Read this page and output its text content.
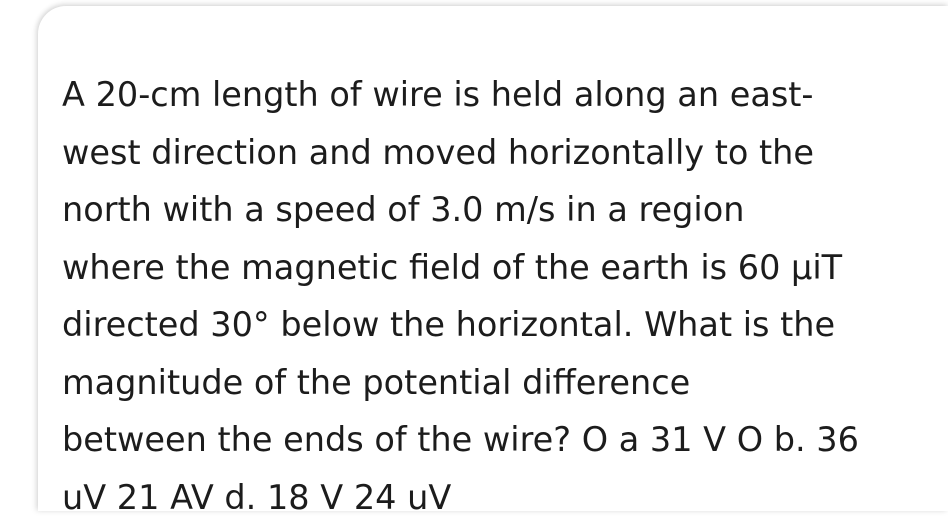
A 20-cm length of wire is held along an east-
west direction and moved horizontally to the
north with a speed of 3.0 m/s in a region
where the magnetic field of the earth is 60 µiT
directed 30° below the horizontal. What is the
magnitude of the potential difference
between the ends of the wire? O a 31 V O b. 36
uV 21 AV d. 18 V 24 uV
